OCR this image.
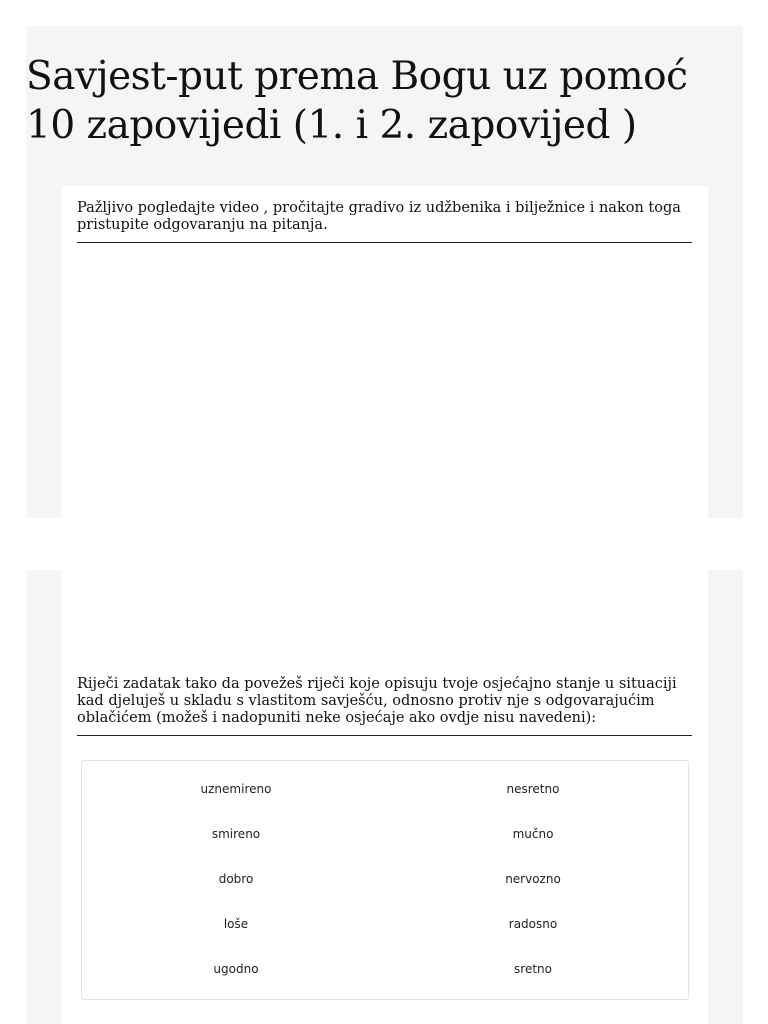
Savjest-put prema Bogu uz pomoć 10 zapovijedi (1. i 2. zapovijed )

Pažljivo pogledajte video , pročitajte gradivo iz udžbenika i bilježnice i nakon toga pristupite odgovaranju na pitanja.

Riječi zadatak tako da povežeš riječi koje opisuju tvoje osjećajno stanje u situaciji kad djeluješ u skladu s vlastitom savješću, odnosno protiv nje s odgovarajućim oblačićem (možeš i nadopuniti neke osjećaje ako ovdje nisu navedeni):

uznemireno
smireno
dobro
loše
ugodno
nesretno
mučno
nervozno
radosno
sretno
